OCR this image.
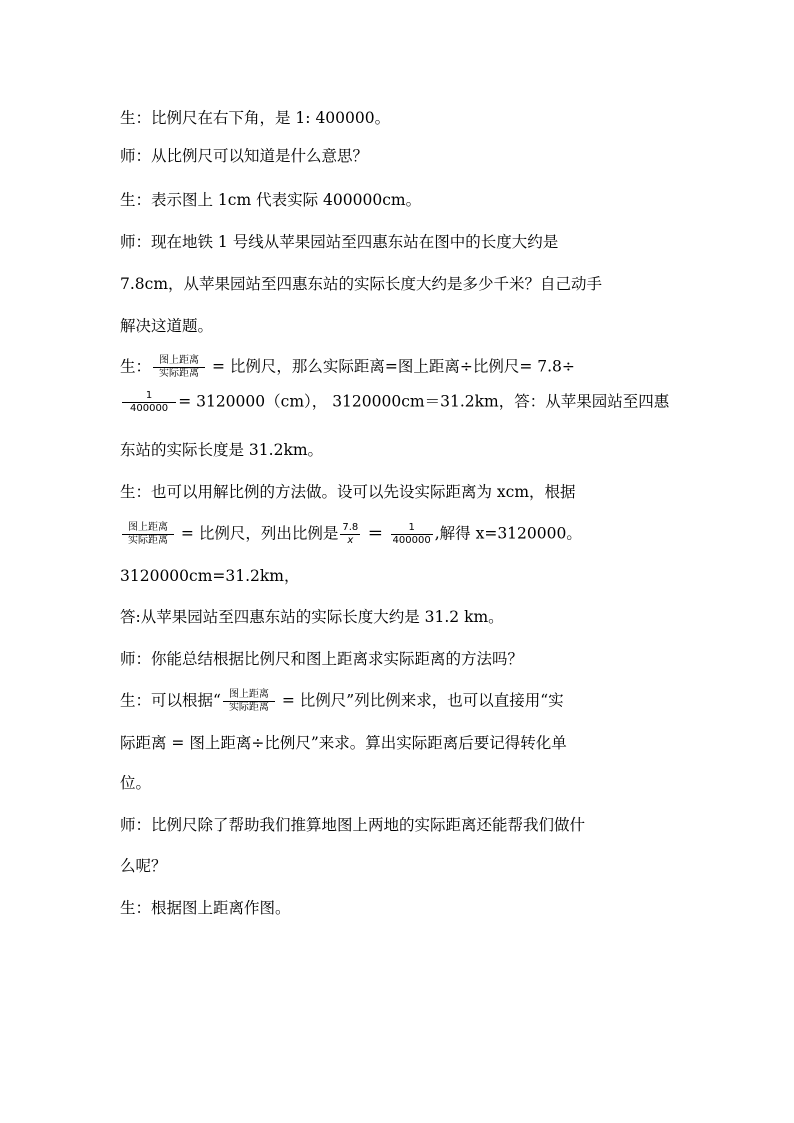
生：比例尺在右下角，是 1: 400000。
师：从比例尺可以知道是什么意思？
生：表示图上 1cm 代表实际 400000cm。
师：现在地铁 1 号线从苹果园站至四惠东站在图中的长度大约是
7.8cm，从苹果园站至四惠东站的实际长度大约是多少千米？自己动手
解决这道题。
生： $\frac{\text{图上距离}}{\text{实际距离}}$ = 比例尺，那么实际距离=图上距离÷比例尺= 7.8÷
$\frac{1}{400000} = 3120000(cm)$， 3120000cm＝31.2km，答：从苹果园站至四惠
东站的实际长度是 31.2km。
生：也可以用解比例的方法做。设可以先设实际距离为 xcm，根据
$\frac{\text{图上距离}}{\text{实际距离}}$ = 比例尺，列出比例是 $\frac{7.8}{x} = \frac{1}{400000}$ ,解得 x=3120000。
3120000cm=31.2km，
答:从苹果园站至四惠东站的实际长度大约是 31.2 km。
师：你能总结根据比例尺和图上距离求实际距离的方法吗？
生：可以根据“ $\frac{\text{图上距离}}{\text{实际距离}}$ = 比例尺”列比例来求，也可以直接用“实
际距离 = 图上距离÷比例尺”来求。算出实际距离后要记得转化单
位。
师：比例尺除了帮助我们推算地图上两地的实际距离还能帮我们做什
么呢？
生：根据图上距离作图。
